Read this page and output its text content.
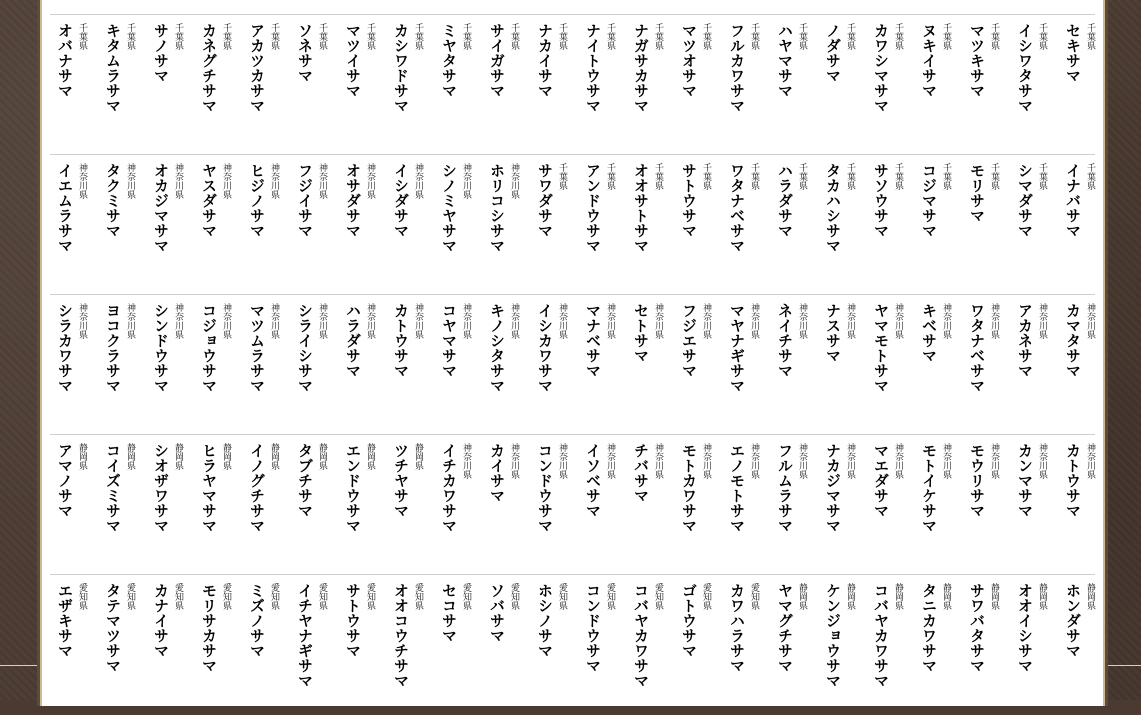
千葉県
セキサマ
千葉県
イシワタサマ
千葉県
マツキサマ
千葉県
ヌキイサマ
千葉県
カワシマサマ
千葉県
ノダサマ
千葉県
ハヤマサマ
千葉県
フルカワサマ
千葉県
マツオサマ
千葉県
ナガサカサマ
千葉県
ナイトウサマ
千葉県
ナカイサマ
千葉県
サイガサマ
千葉県
ミヤタサマ
千葉県
カシワドサマ
千葉県
マツイサマ
千葉県
ソネサマ
千葉県
アカツカサマ
千葉県
カネグチサマ
千葉県
サノサマ
千葉県
キタムラサマ
千葉県
オバナサマ
千葉県
イナバサマ
千葉県
シマダサマ
千葉県
モリサマ
千葉県
コジマサマ
千葉県
サソウサマ
千葉県
タカハシサマ
千葉県
ハラダサマ
千葉県
ワタナベサマ
千葉県
サトウサマ
千葉県
オオサトサマ
千葉県
アンドウサマ
千葉県
サワダサマ
神奈川県
ホリコシサマ
神奈川県
シノミヤサマ
神奈川県
イシダサマ
神奈川県
オサダサマ
神奈川県
フジイサマ
神奈川県
ヒジノサマ
神奈川県
ヤスダサマ
神奈川県
オカジマサマ
神奈川県
タクミサマ
神奈川県
イエムラサマ
神奈川県
カマタサマ
神奈川県
アカネサマ
神奈川県
ワタナベサマ
神奈川県
キベサマ
神奈川県
ヤマモトサマ
神奈川県
ナスサマ
神奈川県
ネイチサマ
神奈川県
マヤナギサマ
神奈川県
フジエサマ
神奈川県
セトサマ
神奈川県
マナベサマ
神奈川県
イシカワサマ
神奈川県
キノシタサマ
神奈川県
コヤマサマ
神奈川県
カトウサマ
神奈川県
ハラダサマ
神奈川県
シライシサマ
神奈川県
マツムラサマ
神奈川県
コジョウサマ
神奈川県
シンドウサマ
神奈川県
ヨコクラサマ
神奈川県
シラカワサマ
神奈川県
カトウサマ
神奈川県
カンマサマ
神奈川県
モウリサマ
神奈川県
モトイケサマ
神奈川県
マエダサマ
神奈川県
ナカジマサマ
神奈川県
フルムラサマ
神奈川県
エノモトサマ
神奈川県
モトカワサマ
神奈川県
チバサマ
神奈川県
イソベサマ
神奈川県
コンドウサマ
神奈川県
カイサマ
神奈川県
イチカワサマ
静岡県
ツチヤサマ
静岡県
エンドウサマ
静岡県
タブチサマ
静岡県
イノグチサマ
静岡県
ヒラヤマサマ
静岡県
シオザワサマ
静岡県
コイズミサマ
静岡県
アマノサマ
静岡県
ホンダサマ
静岡県
オオイシサマ
静岡県
サワバタサマ
静岡県
タニカワサマ
静岡県
コバヤカワサマ
静岡県
ケンジョウサマ
静岡県
ヤマグチサマ
愛知県
カワハラサマ
愛知県
ゴトウサマ
愛知県
コバヤカワサマ
愛知県
コンドウサマ
愛知県
ホシノサマ
愛知県
ソバサマ
愛知県
セコサマ
愛知県
オオコウチサマ
愛知県
サトウサマ
愛知県
イチヤナギサマ
愛知県
ミズノサマ
愛知県
モリサカサマ
愛知県
カナイサマ
愛知県
タテマツサマ
愛知県
エザキサマ
